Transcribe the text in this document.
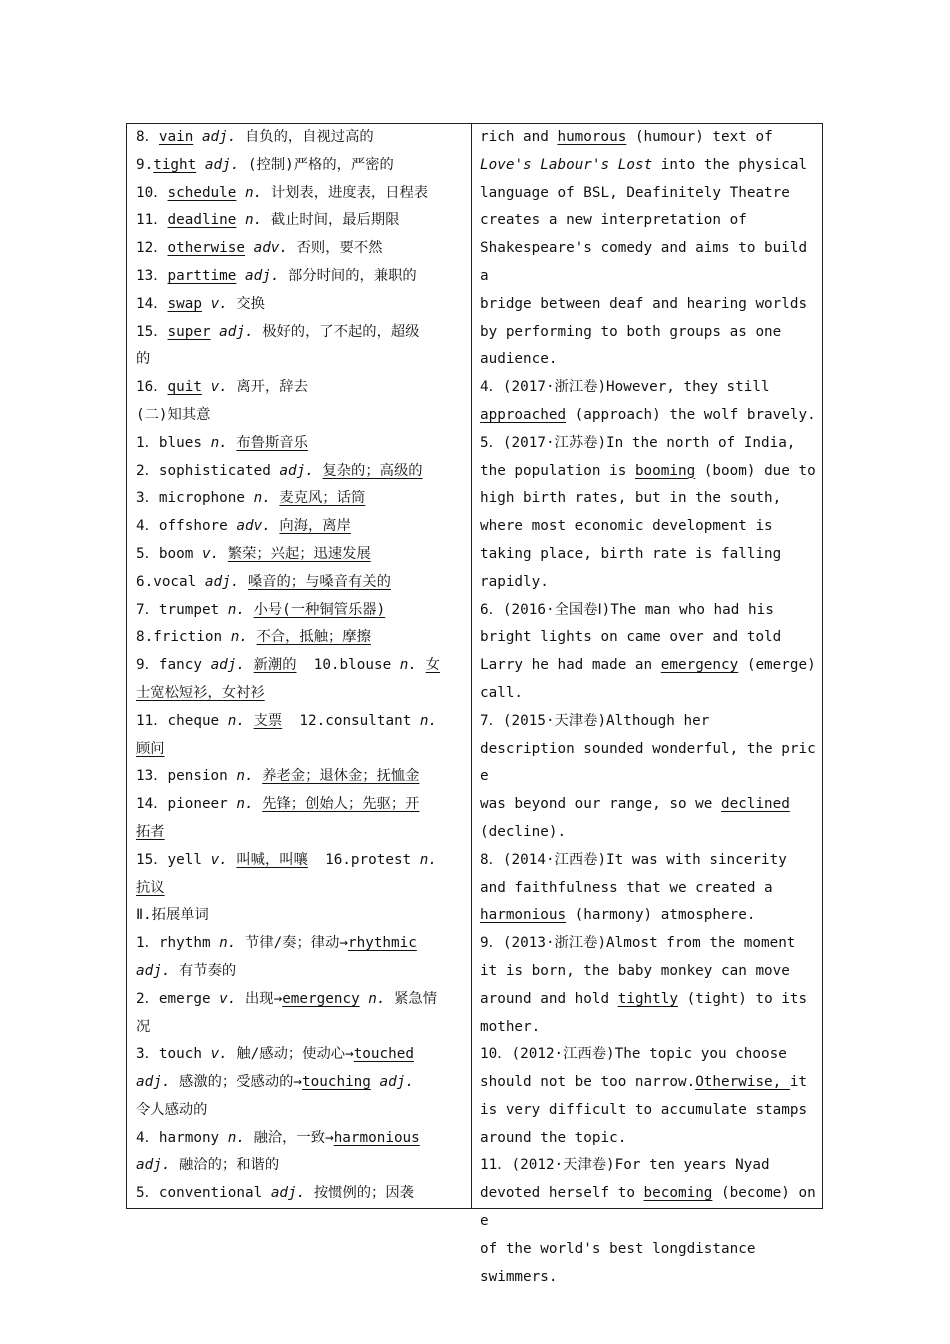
8．vain adj. 自负的，自视过高的
9.tight adj. (控制)严格的，严密的
10．schedule n. 计划表，进度表，日程表
11．deadline n. 截止时间，最后期限
12．otherwise adv. 否则，要不然
13．parttime adj. 部分时间的，兼职的
14．swap v. 交换
15．super adj. 极好的，了不起的，超级
的
16．quit v. 离开，辞去
(二)知其意
1．blues n. 布鲁斯音乐
2．sophisticated adj. 复杂的；高级的
3．microphone n. 麦克风；话筒
4．offshore adv. 向海，离岸
5．boom v. 繁荣；兴起；迅速发展
6.vocal adj. 嗓音的；与嗓音有关的
7．trumpet n. 小号(一种铜管乐器)
8.friction n. 不合，抵触；摩擦
9．fancy adj. 新潮的  10.blouse n. 女
士宽松短衫，女衬衫
11．cheque n. 支票  12.consultant n.
顾问
13．pension n. 养老金；退休金；抚恤金
14．pioneer n. 先锋；创始人；先驱；开
拓者
15．yell v. 叫喊，叫嚷  16.protest n.
抗议
Ⅱ.拓展单词
1．rhythm n. 节律/奏；律动→rhythmic
adj. 有节奏的
2．emerge v. 出现→emergency n. 紧急情
况
3．touch v. 触/感动；使动心→touched
adj. 感激的；受感动的→touching adj.
令人感动的
4．harmony n. 融洽，一致→harmonious
adj. 融洽的；和谐的
5．conventional adj. 按惯例的；因袭
rich and humorous (humour) text of
Love's Labour's Lost into the physical
language of BSL, Deafinitely Theatre
creates a new interpretation of
Shakespeare's comedy and aims to build a
bridge between deaf and hearing worlds
by performing to both groups as one
audience.
4．(2017·浙江卷)However, they still
approached (approach) the wolf bravely.
5．(2017·江苏卷)In the north of India,
the population is booming (boom) due to
high birth rates, but in the south,
where most economic development is
taking place, birth rate is falling
rapidly.
6．(2016·全国卷Ⅰ)The man who had his
bright lights on came over and told
Larry he had made an emergency (emerge)
call.
7．(2015·天津卷)Although her
description sounded wonderful, the price
was beyond our range, so we declined
(decline).
8．(2014·江西卷)It was with sincerity
and faithfulness that we created a
harmonious (harmony) atmosphere.
9．(2013·浙江卷)Almost from the moment
it is born, the baby monkey can move
around and hold tightly (tight) to its
mother.
10．(2012·江西卷)The topic you choose
should not be too narrow.Otherwise, it
is very difficult to accumulate stamps
around the topic.
11．(2012·天津卷)For ten years Nyad
devoted herself to becoming (become) one
of the world's best longdistance
swimmers.
